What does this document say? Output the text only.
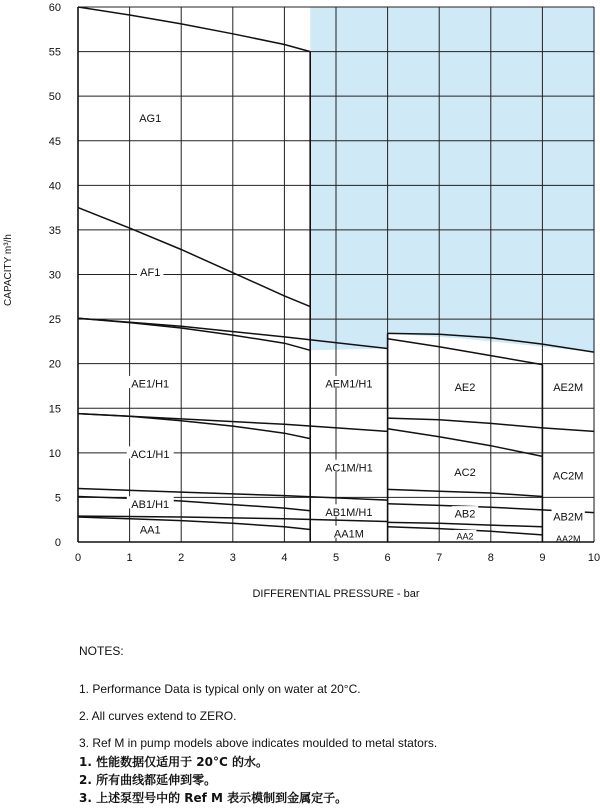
AG1
AF1
AE1/H1	AEM1/H1	AE2	AE2M
AC1/H1
AC1M/H1	AC2	AC2M
AB1/H1
AB1M/H1	AB2	AB2M
AA1	AA1M	AA2	AA2M
0	1	2	3	4	5	6	7	8	9	10
0
5
10
15
20
25
30
35
40
45
50
55
60
DIFFERENTIAL PRESSURE - bar
CAPACITY m³/h
NOTES:
1. Performance Data is typical only on water at 20°C.
2. All curves extend to ZERO.
3. Ref M in pump models above indicates moulded to metal stators.
1. 性能数据仅适用于 20°C 的水。
2. 所有曲线都延伸到零。
3. 上述泵型号中的 Ref M 表示模制到金属定子。
